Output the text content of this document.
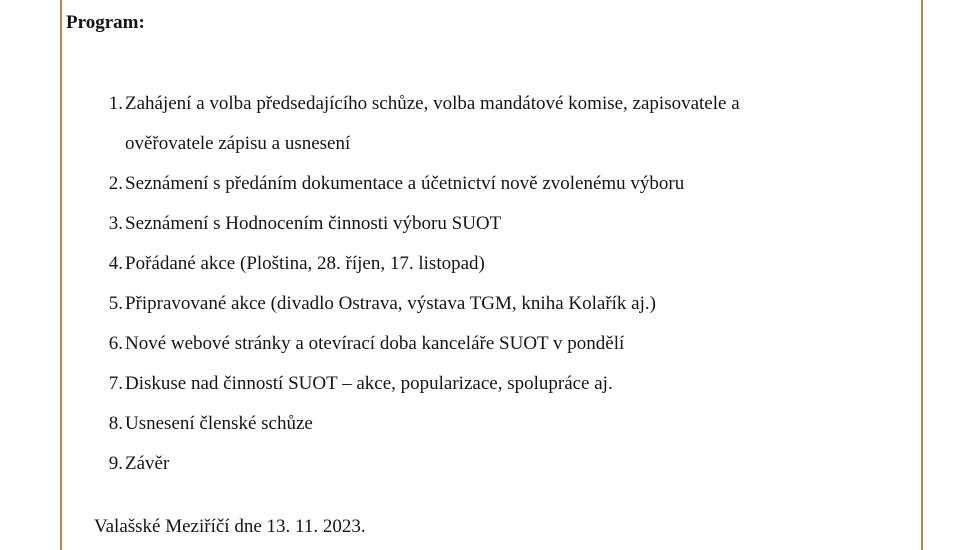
Program:
1. Zahájení a volba předsedajícího schůze, volba mandátové komise, zapisovatele a
ověřovatele zápisu a usnesení
2. Seznámení s předáním dokumentace a účetnictví nově zvolenému výboru
3. Seznámení s Hodnocením činnosti výboru SUOT
4. Pořádané akce (Ploština, 28. říjen, 17. listopad)
5. Připravované akce (divadlo Ostrava, výstava TGM, kniha Kolařík aj.)
6. Nové webové stránky a otevírací doba kanceláře SUOT v pondělí
7. Diskuse nad činností SUOT – akce, popularizace, spolupráce aj.
8. Usnesení členské schůze
9. Závěr

Valašské Meziříčí dne 13. 11. 2023.
